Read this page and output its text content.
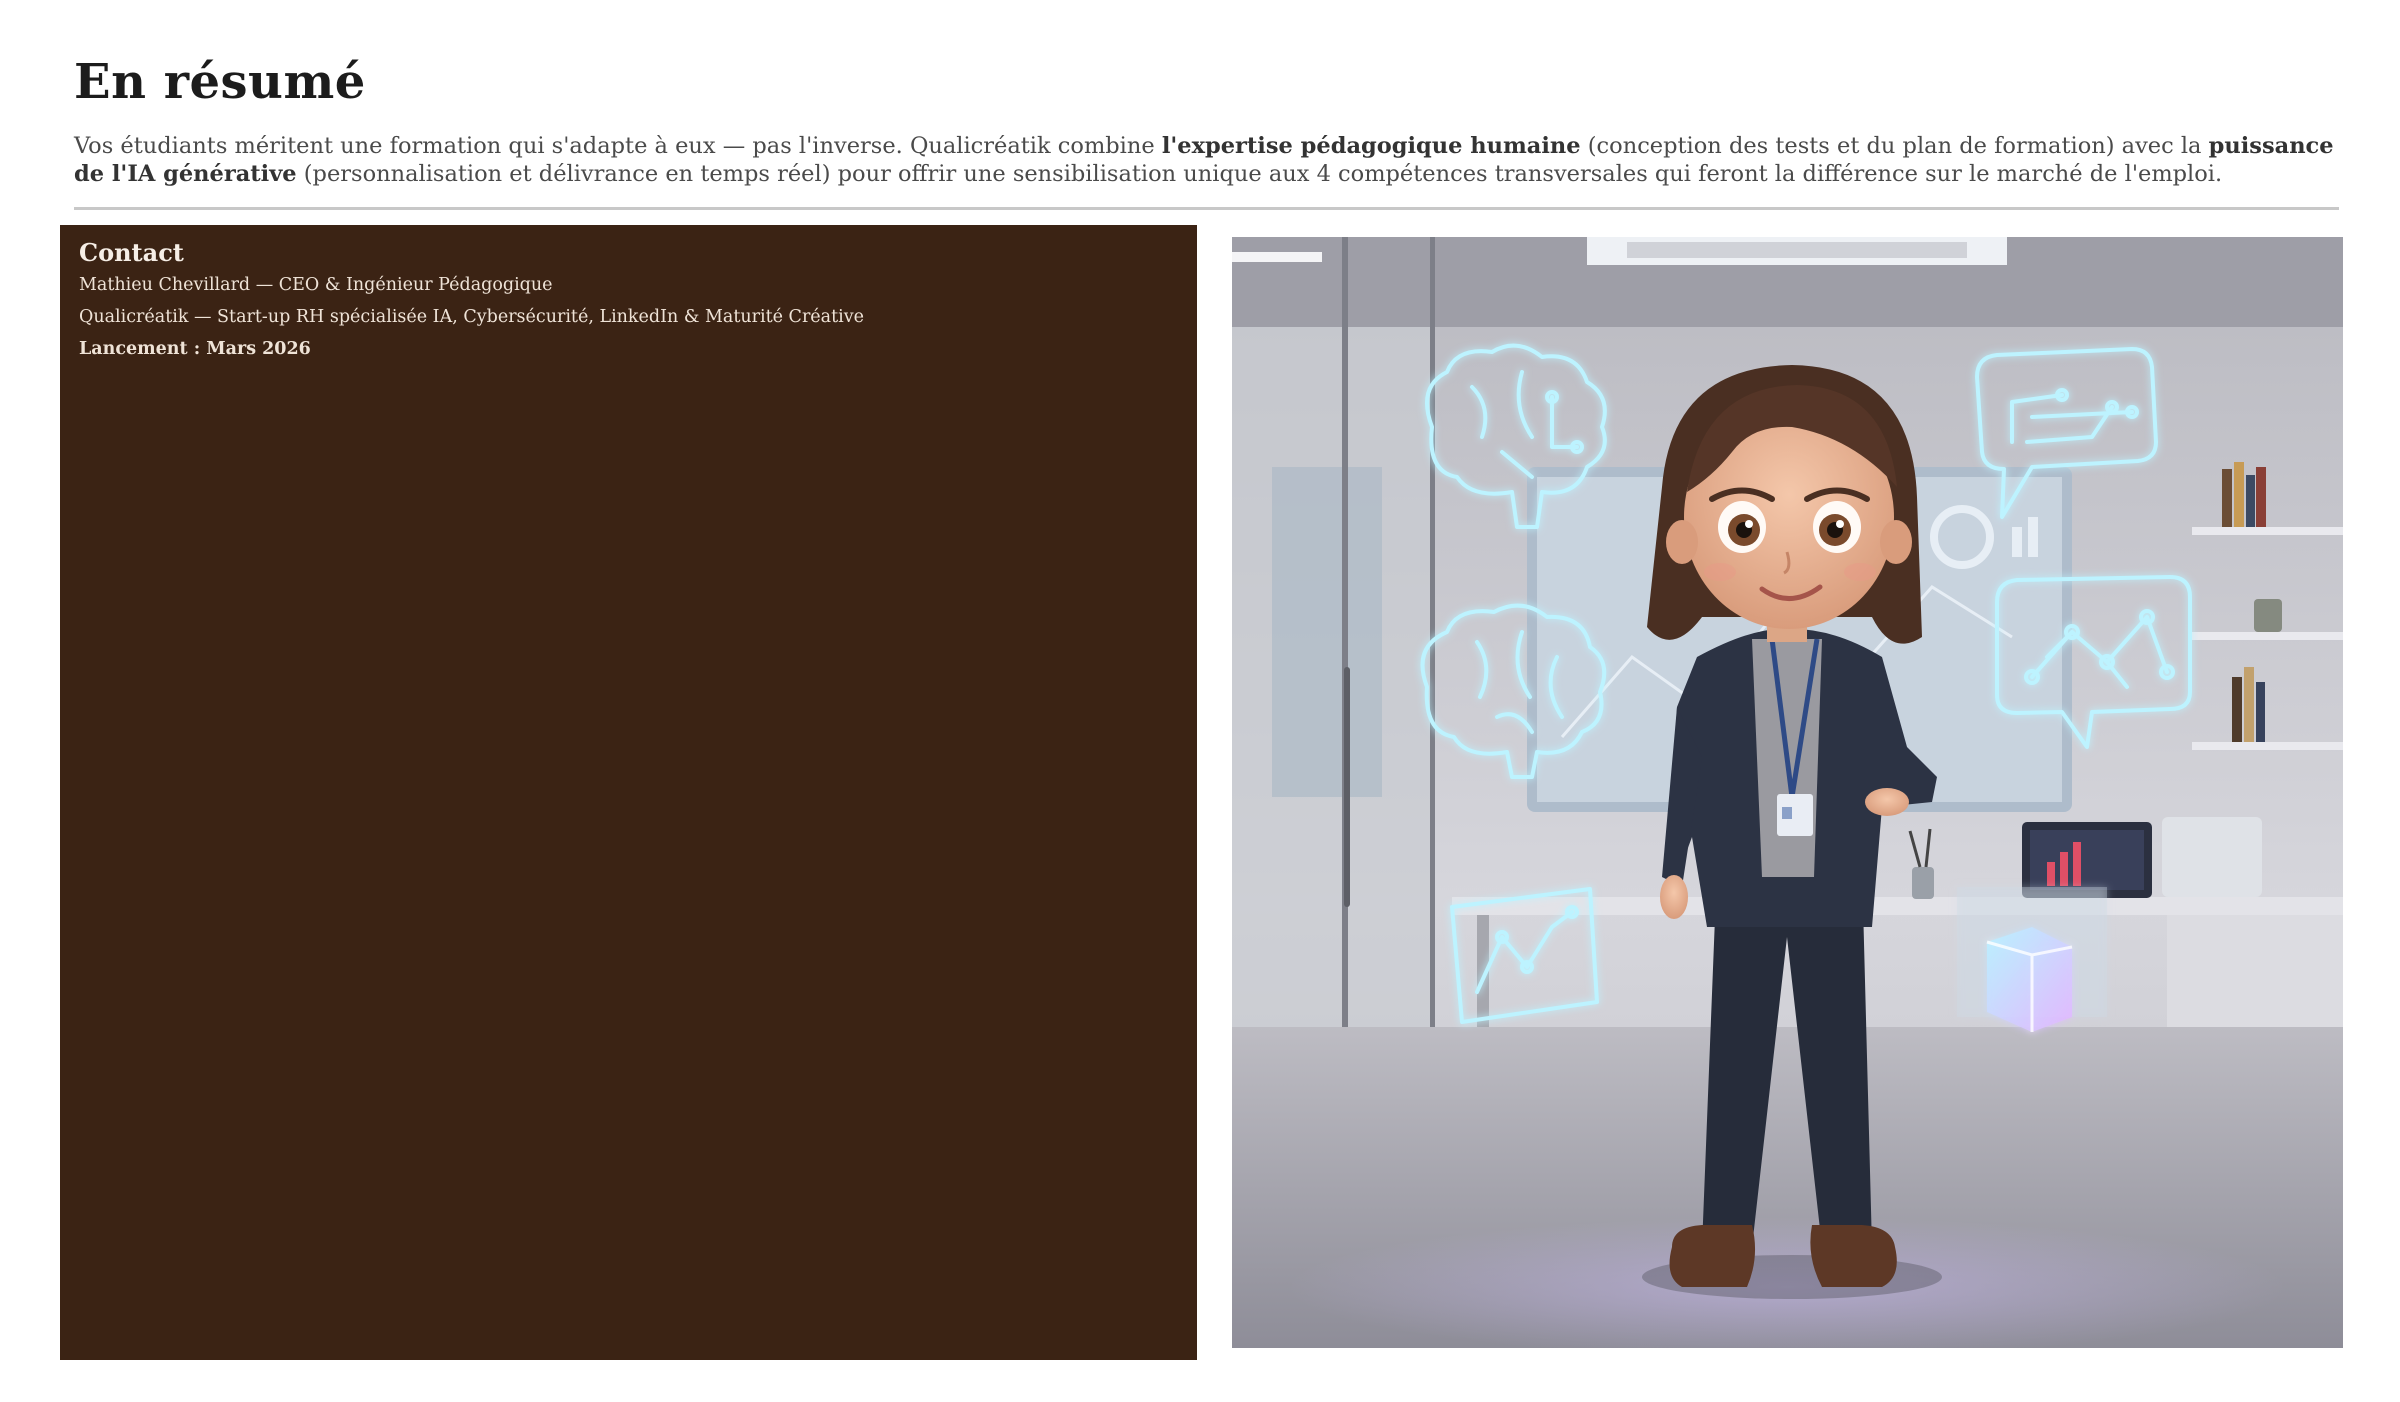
En résumé

Vos étudiants méritent une formation qui s'adapte à eux — pas l'inverse. Qualicréatik combine l'expertise pédagogique humaine (conception des tests et du plan de formation) avec la puissance de l'IA générative (personnalisation et délivrance en temps réel) pour offrir une sensibilisation unique aux 4 compétences transversales qui feront la différence sur le marché de l'emploi.

Contact

Mathieu Chevillard — CEO & Ingénieur Pédagogique

Qualicréatik — Start-up RH spécialisée IA, Cybersécurité, LinkedIn & Maturité Créative

Lancement : Mars 2026
